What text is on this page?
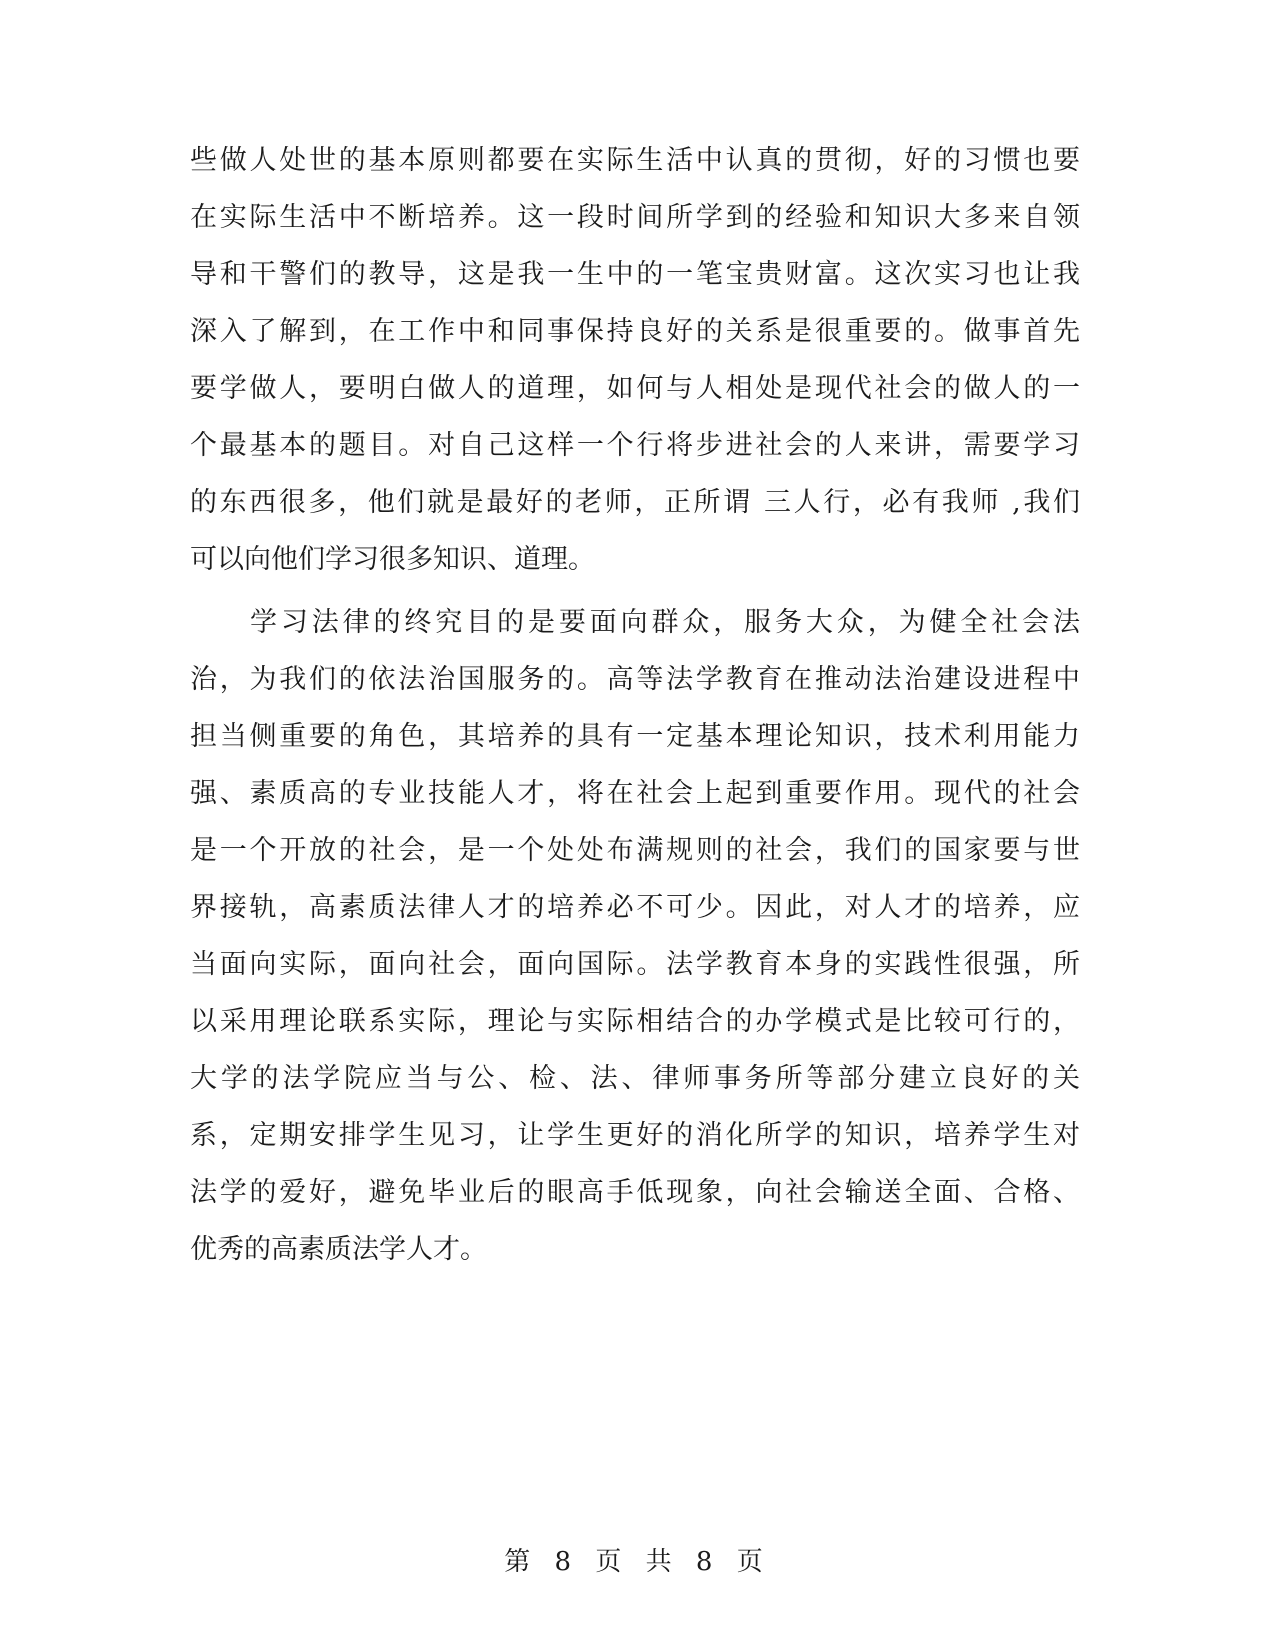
些做人处世的基本原则都要在实际生活中认真的贯彻，好的习惯也要
在实际生活中不断培养。这一段时间所学到的经验和知识大多来自领
导和干警们的教导，这是我一生中的一笔宝贵财富。这次实习也让我
深入了解到，在工作中和同事保持良好的关系是很重要的。做事首先
要学做人，要明白做人的道理，如何与人相处是现代社会的做人的一
个最基本的题目。对自己这样一个行将步进社会的人来讲，需要学习
的东西很多，他们就是最好的老师，正所谓 三人行，必有我师 ,我们
可以向他们学习很多知识、道理。
学习法律的终究目的是要面向群众，服务大众，为健全社会法
治，为我们的依法治国服务的。高等法学教育在推动法治建设进程中
担当侧重要的角色，其培养的具有一定基本理论知识，技术利用能力
强、素质高的专业技能人才，将在社会上起到重要作用。现代的社会
是一个开放的社会，是一个处处布满规则的社会，我们的国家要与世
界接轨，高素质法律人才的培养必不可少。因此，对人才的培养，应
当面向实际，面向社会，面向国际。法学教育本身的实践性很强，所
以采用理论联系实际，理论与实际相结合的办学模式是比较可行的，
大学的法学院应当与公、检、法、律师事务所等部分建立良好的关
系，定期安排学生见习，让学生更好的消化所学的知识，培养学生对
法学的爱好，避免毕业后的眼高手低现象，向社会输送全面、合格、
优秀的高素质法学人才。
第 8 页 共 8 页
